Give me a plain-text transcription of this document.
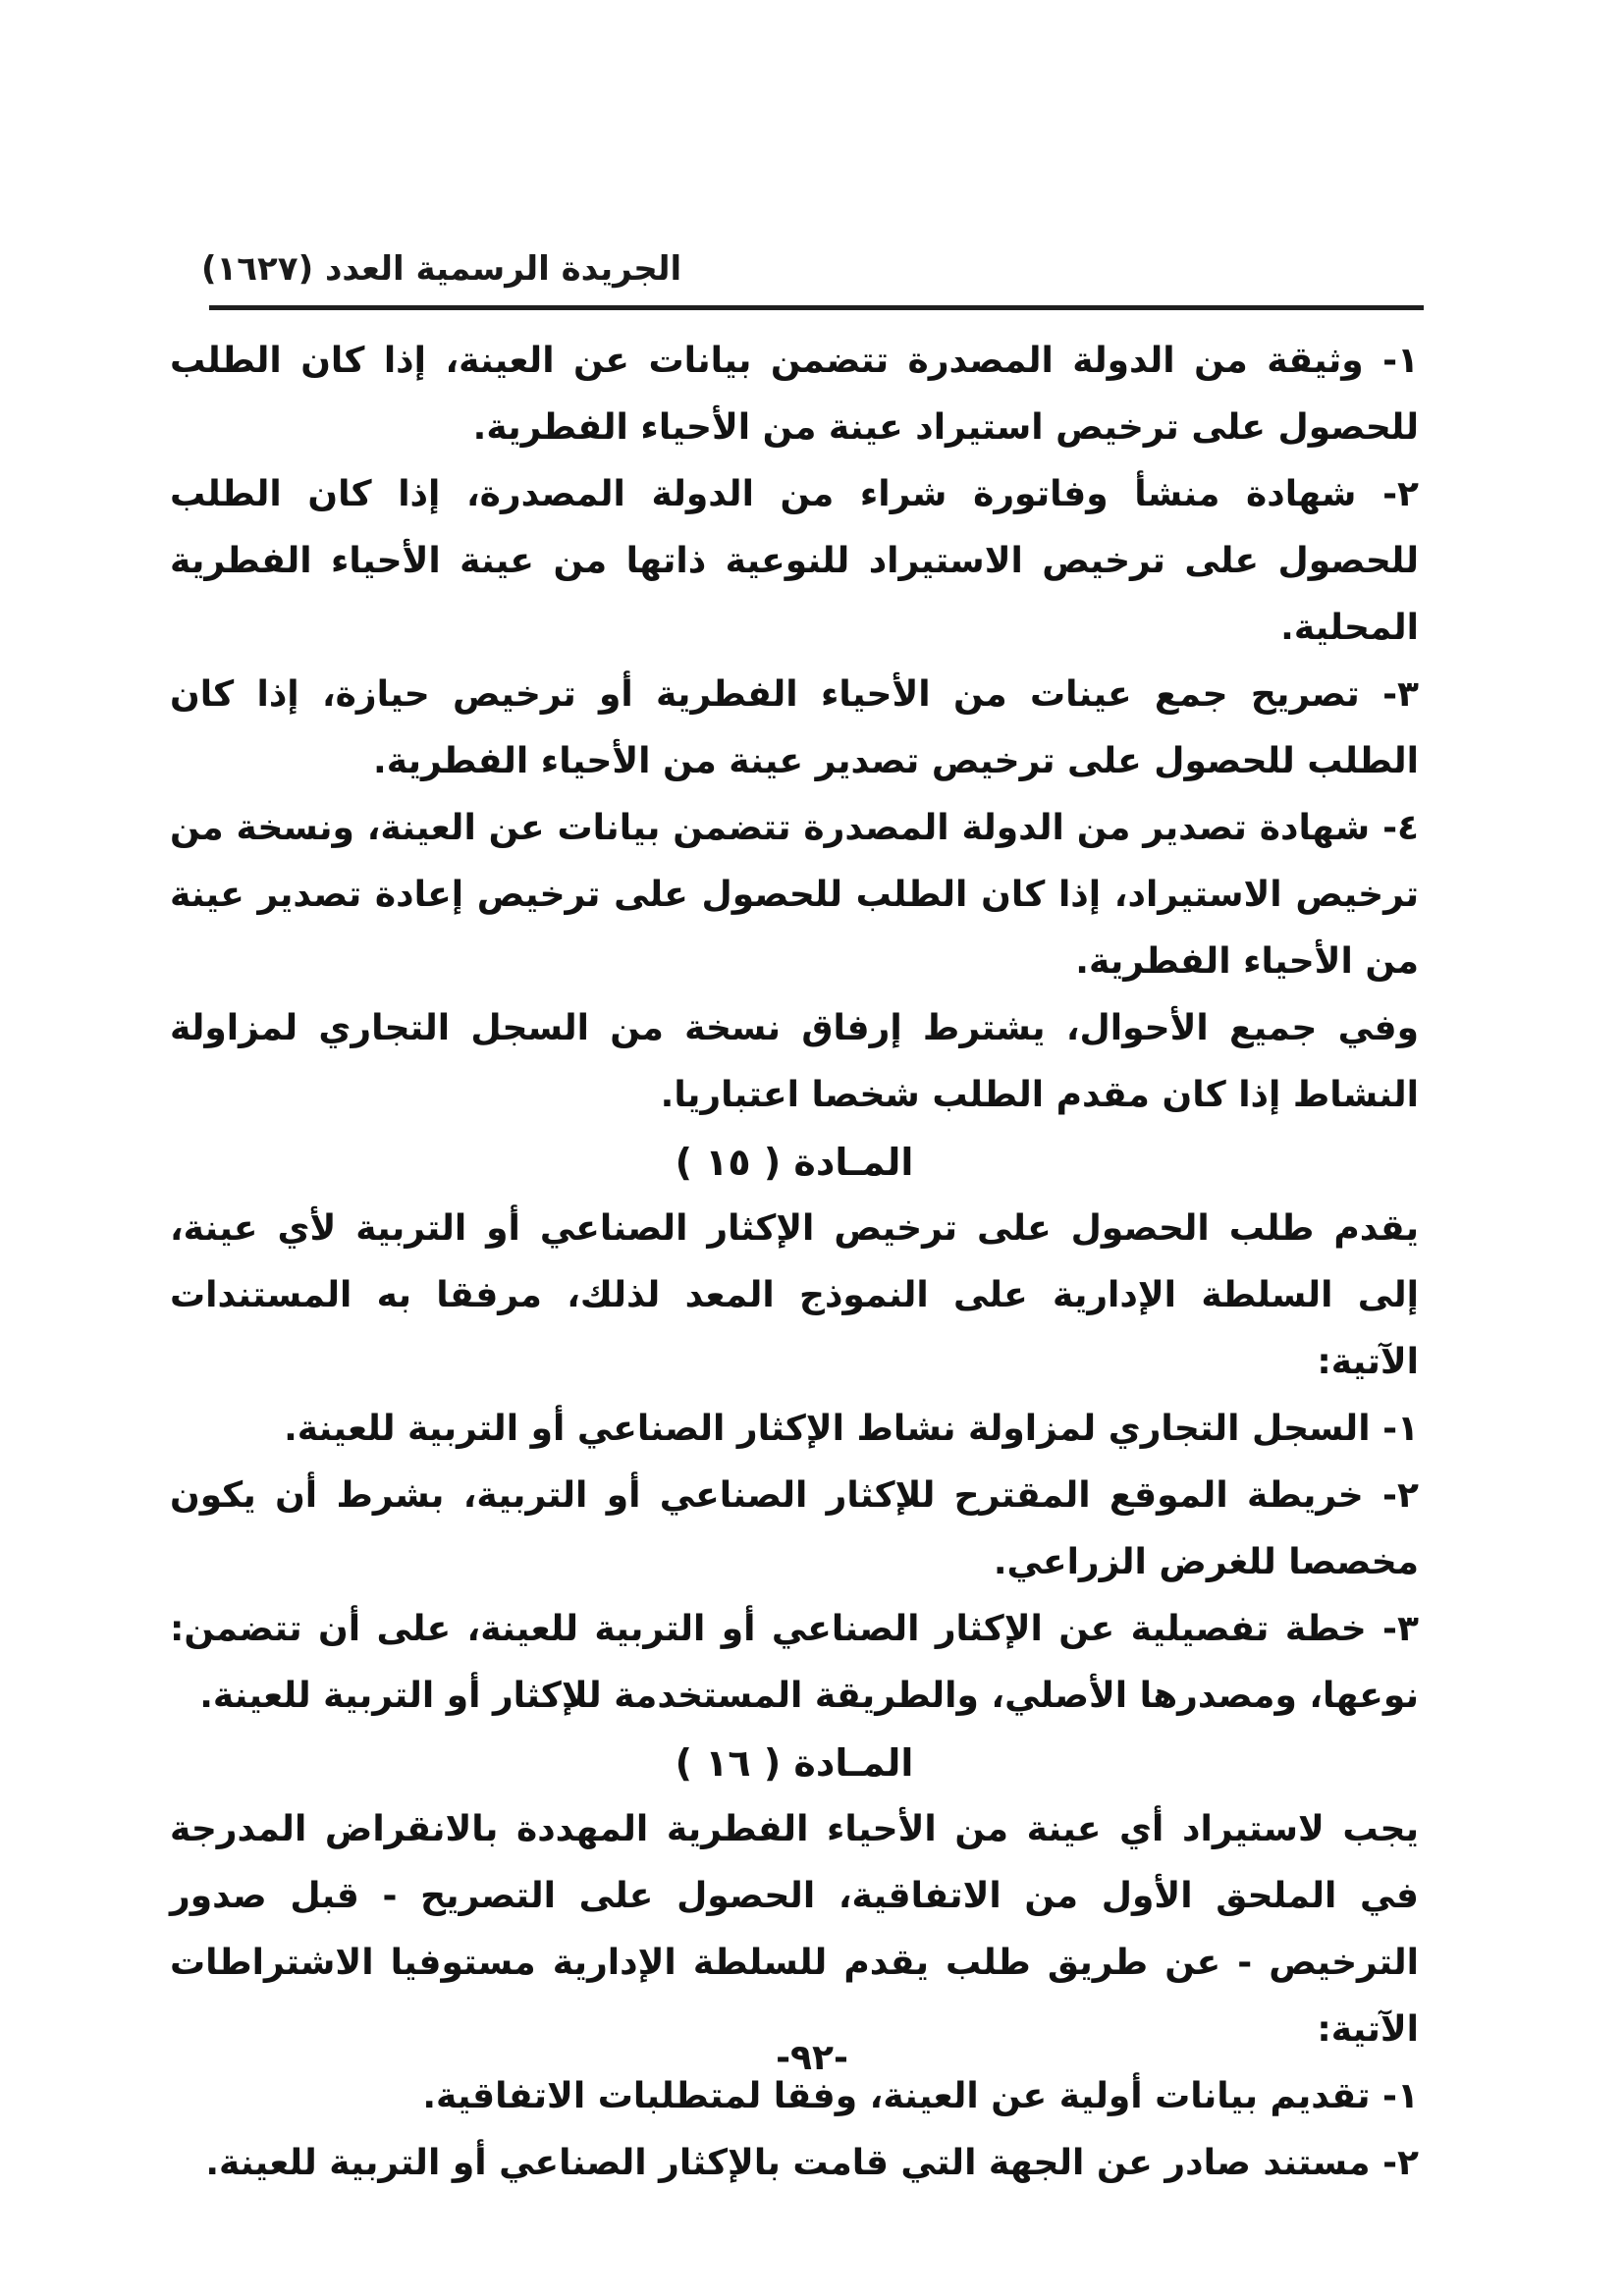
الجريدة الرسمية العدد (١٦٢٧)

١- وثيقة من الدولة المصدرة تتضمن بيانات عن العينة، إذا كان الطلب للحصول على ترخيص استيراد عينة من الأحياء الفطرية.

٢- شهادة منشأ وفاتورة شراء من الدولة المصدرة، إذا كان الطلب للحصول على ترخيص الاستيراد للنوعية ذاتها من عينة الأحياء الفطرية المحلية.

٣- تصريح جمع عينات من الأحياء الفطرية أو ترخيص حيازة، إذا كان الطلب للحصول على ترخيص تصدير عينة من الأحياء الفطرية.

٤- شهادة تصدير من الدولة المصدرة تتضمن بيانات عن العينة، ونسخة من ترخيص الاستيراد، إذا كان الطلب للحصول على ترخيص إعادة تصدير عينة من الأحياء الفطرية.

وفي جميع الأحوال، يشترط إرفاق نسخة من السجل التجاري لمزاولة النشاط إذا كان مقدم الطلب شخصا اعتباريا.

المـادة ( ١٥ )

يقدم طلب الحصول على ترخيص الإكثار الصناعي أو التربية لأي عينة، إلى السلطة الإدارية على النموذج المعد لذلك، مرفقا به المستندات الآتية:

١- السجل التجاري لمزاولة نشاط الإكثار الصناعي أو التربية للعينة.

٢- خريطة الموقع المقترح للإكثار الصناعي أو التربية، بشرط أن يكون مخصصا للغرض الزراعي.

٣- خطة تفصيلية عن الإكثار الصناعي أو التربية للعينة، على أن تتضمن: نوعها، ومصدرها الأصلي، والطريقة المستخدمة للإكثار أو التربية للعينة.

المـادة ( ١٦ )

يجب لاستيراد أي عينة من الأحياء الفطرية المهددة بالانقراض المدرجة في الملحق الأول من الاتفاقية، الحصول على التصريح - قبل صدور الترخيص - عن طريق طلب يقدم للسلطة الإدارية مستوفيا الاشتراطات الآتية:

١- تقديم بيانات أولية عن العينة، وفقا لمتطلبات الاتفاقية.

٢- مستند صادر عن الجهة التي قامت بالإكثار الصناعي أو التربية للعينة.

-٩٢-
